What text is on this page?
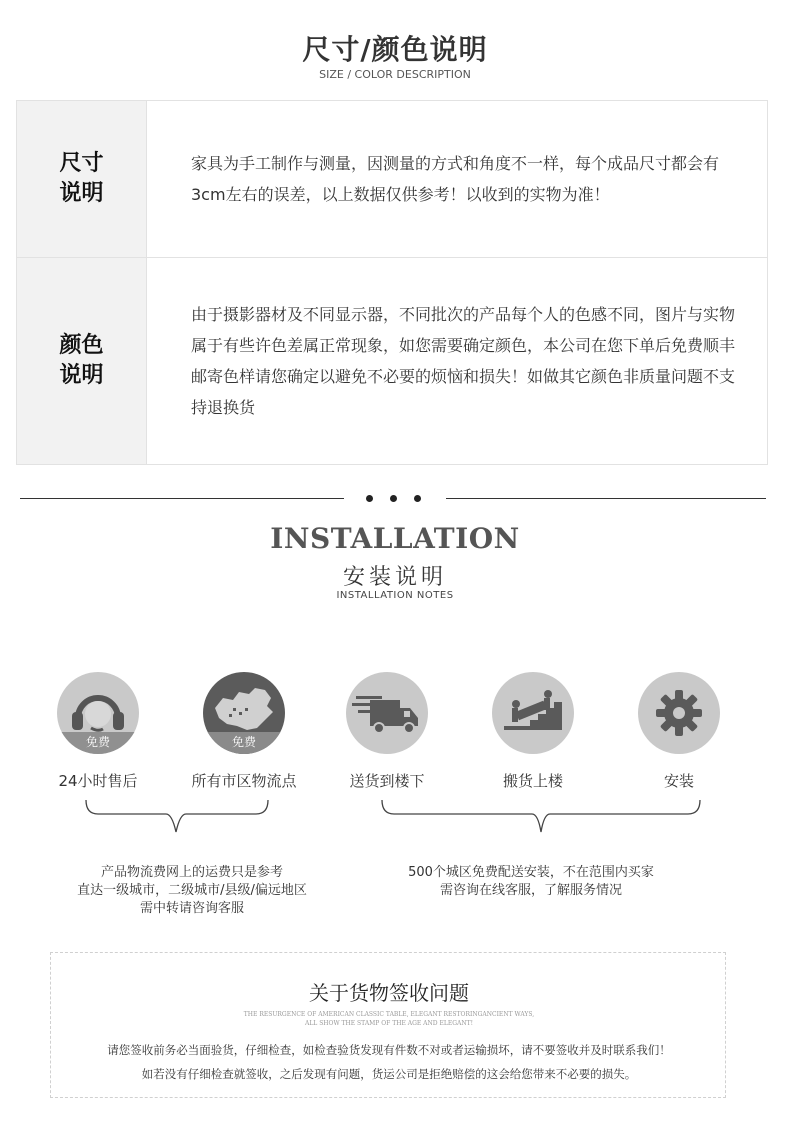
尺寸/颜色说明
SIZE / COLOR DESCRIPTION
尺寸说明
家具为手工制作与测量，因测量的方式和角度不一样，每个成品尺寸都会有3cm左右的误差，以上数据仅供参考！以收到的实物为准！
颜色说明
由于摄影器材及不同显示器，不同批次的产品每个人的色感不同，图片与实物属于有些许色差属正常现象，如您需要确定颜色，本公司在您下单后免费顺丰邮寄色样请您确定以避免不必要的烦恼和损失！如做其它颜色非质量问题不支持退换货
INSTALLATION
安装说明
INSTALLATION NOTES
免费
24小时售后
免费
所有市区物流点	送货到楼下	搬货上楼	安装
产品物流费网上的运费只是参考
直达一级城市，二级城市/县级/偏远地区
需中转请咨询客服
500个城区免费配送安装，不在范围内买家
需咨询在线客服，了解服务情况
关于货物签收问题
THE RESURGENCE OF AMERICAN CLASSIC TABLE, ELEGANT RESTORINGANCIENT WAYS,
ALL SHOW THE STAMP OF THE AGE AND ELEGANT!
请您签收前务必当面验货，仔细检查，如检查验货发现有件数不对或者运输损坏，请不要签收并及时联系我们！
如若没有仔细检查就签收，之后发现有问题，货运公司是拒绝赔偿的这会给您带来不必要的损失。
